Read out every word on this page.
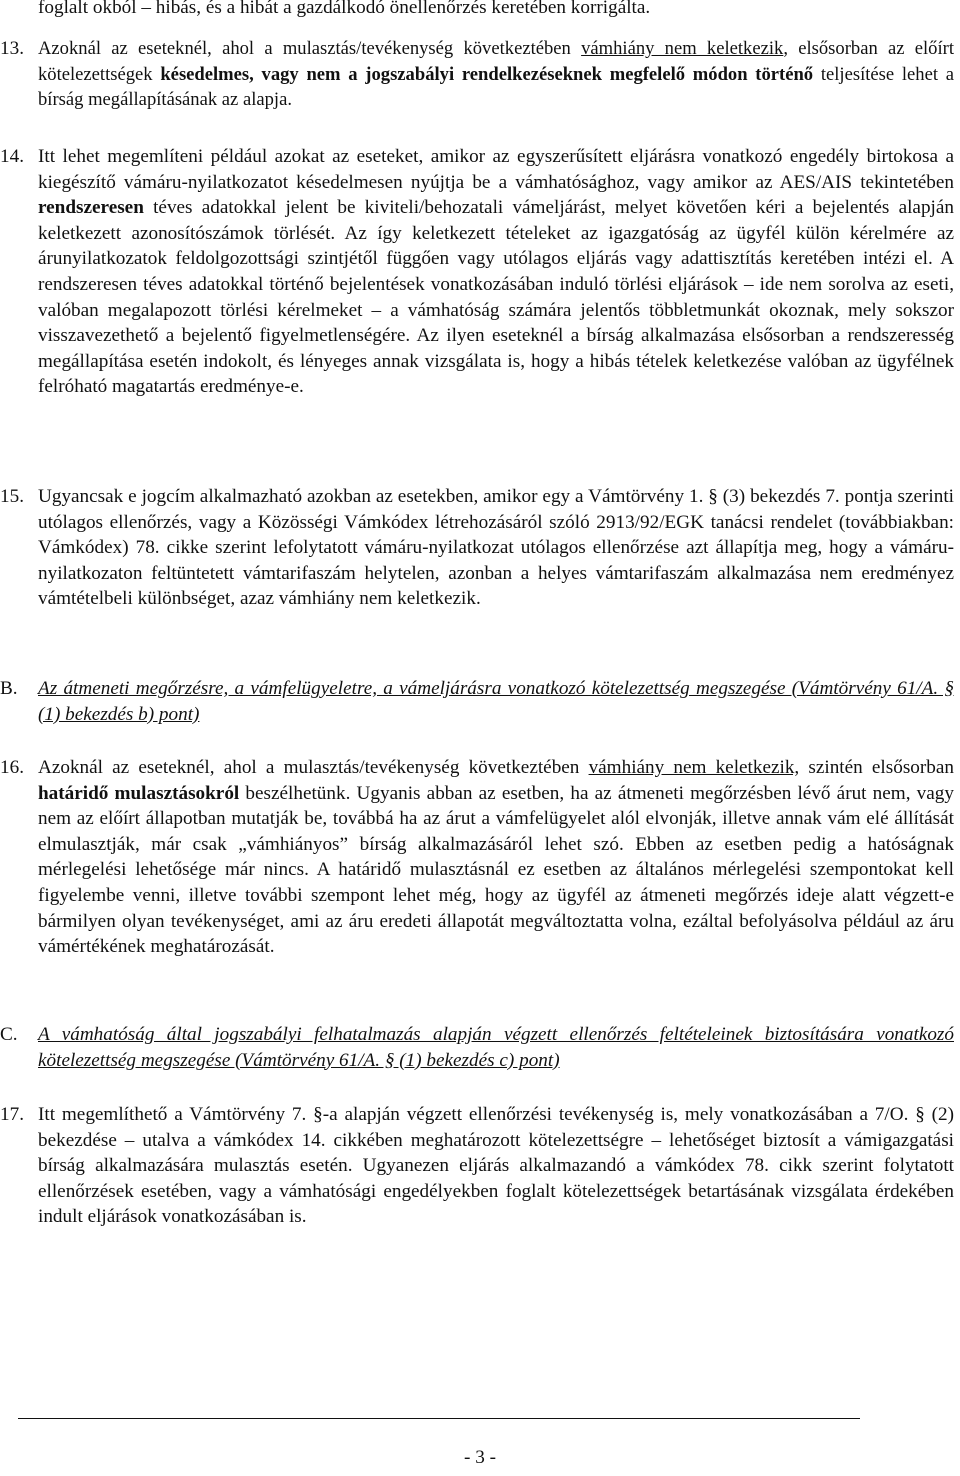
foglalt okból – hibás, és a hibát a gazdálkodó önellenőrzés keretében korrigálta.
13. Azoknál az eseteknél, ahol a mulasztás/tevékenység következtében vámhiány nem keletkezik, elsősorban az előírt kötelezettségek késedelmes, vagy nem a jogszabályi rendelkezéseknek megfelelő módon történő teljesítése lehet a bírság megállapításának az alapja.
14. Itt lehet megemlíteni például azokat az eseteket, amikor az egyszerűsített eljárásra vonatkozó engedély birtokosa a kiegészítő vámáru-nyilatkozatot késedelmesen nyújtja be a vámhatósághoz, vagy amikor az AES/AIS tekintetében rendszeresen téves adatokkal jelent be kiviteli/behozatali vámeljárást, melyet követően kéri a bejelentés alapján keletkezett azonosítószámok törlését. Az így keletkezett tételeket az igazgatóság az ügyfél külön kérelmére az árunyilatkozatok feldolgozottsági szintjétől függően vagy utólagos eljárás vagy adattisztítás keretében intézi el. A rendszeresen téves adatokkal történő bejelentések vonatkozásában induló törlési eljárások – ide nem sorolva az eseti, valóban megalapozott törlési kérelmeket – a vámhatóság számára jelentős többletmunkát okoznak, mely sokszor visszavezethető a bejelentő figyelmetlenségére. Az ilyen eseteknél a bírság alkalmazása elsősorban a rendszeresség megállapítása esetén indokolt, és lényeges annak vizsgálata is, hogy a hibás tételek keletkezése valóban az ügyfélnek felróható magatartás eredménye-e.
15. Ugyancsak e jogcím alkalmazható azokban az esetekben, amikor egy a Vámtörvény 1. § (3) bekezdés 7. pontja szerinti utólagos ellenőrzés, vagy a Közösségi Vámkódex létrehozásáról szóló 2913/92/EGK tanácsi rendelet (továbbiakban: Vámkódex) 78. cikke szerint lefolytatott vámáru-nyilatkozat utólagos ellenőrzése azt állapítja meg, hogy a vámáru-nyilatkozaton feltüntetett vámtarifaszám helytelen, azonban a helyes vámtarifaszám alkalmazása nem eredményez vámtételbeli különbséget, azaz vámhiány nem keletkezik.
B. Az átmeneti megőrzésre, a vámfelügyeletre, a vámeljárásra vonatkozó kötelezettség megszegése (Vámtörvény 61/A. § (1) bekezdés b) pont)
16. Azoknál az eseteknél, ahol a mulasztás/tevékenység következtében vámhiány nem keletkezik, szintén elsősorban határidő mulasztásokról beszélhetünk. Ugyanis abban az esetben, ha az átmeneti megőrzésben lévő árut nem, vagy nem az előírt állapotban mutatják be, továbbá ha az árut a vámfelügyelet alól elvonják, illetve annak vám elé állítását elmulasztják, már csak „vámhiányos” bírság alkalmazásáról lehet szó. Ebben az esetben pedig a hatóságnak mérlegelési lehetősége már nincs. A határidő mulasztásnál ez esetben az általános mérlegelési szempontokat kell figyelembe venni, illetve további szempont lehet még, hogy az ügyfél az átmeneti megőrzés ideje alatt végzett-e bármilyen olyan tevékenységet, ami az áru eredeti állapotát megváltoztatta volna, ezáltal befolyásolva például az áru vámértékének meghatározását.
C. A vámhatóság által jogszabályi felhatalmazás alapján végzett ellenőrzés feltételeinek biztosítására vonatkozó kötelezettség megszegése (Vámtörvény 61/A. § (1) bekezdés c) pont)
17. Itt megemlíthető a Vámtörvény 7. §-a alapján végzett ellenőrzési tevékenység is, mely vonatkozásában a 7/O. § (2) bekezdése – utalva a vámkódex 14. cikkében meghatározott kötelezettségre – lehetőséget biztosít a vámigazgatási bírság alkalmazására mulasztás esetén. Ugyanezen eljárás alkalmazandó a vámkódex 78. cikk szerint folytatott ellenőrzések esetében, vagy a vámhatósági engedélyekben foglalt kötelezettségek betartásának vizsgálata érdekében indult eljárások vonatkozásában is.
- 3 -
